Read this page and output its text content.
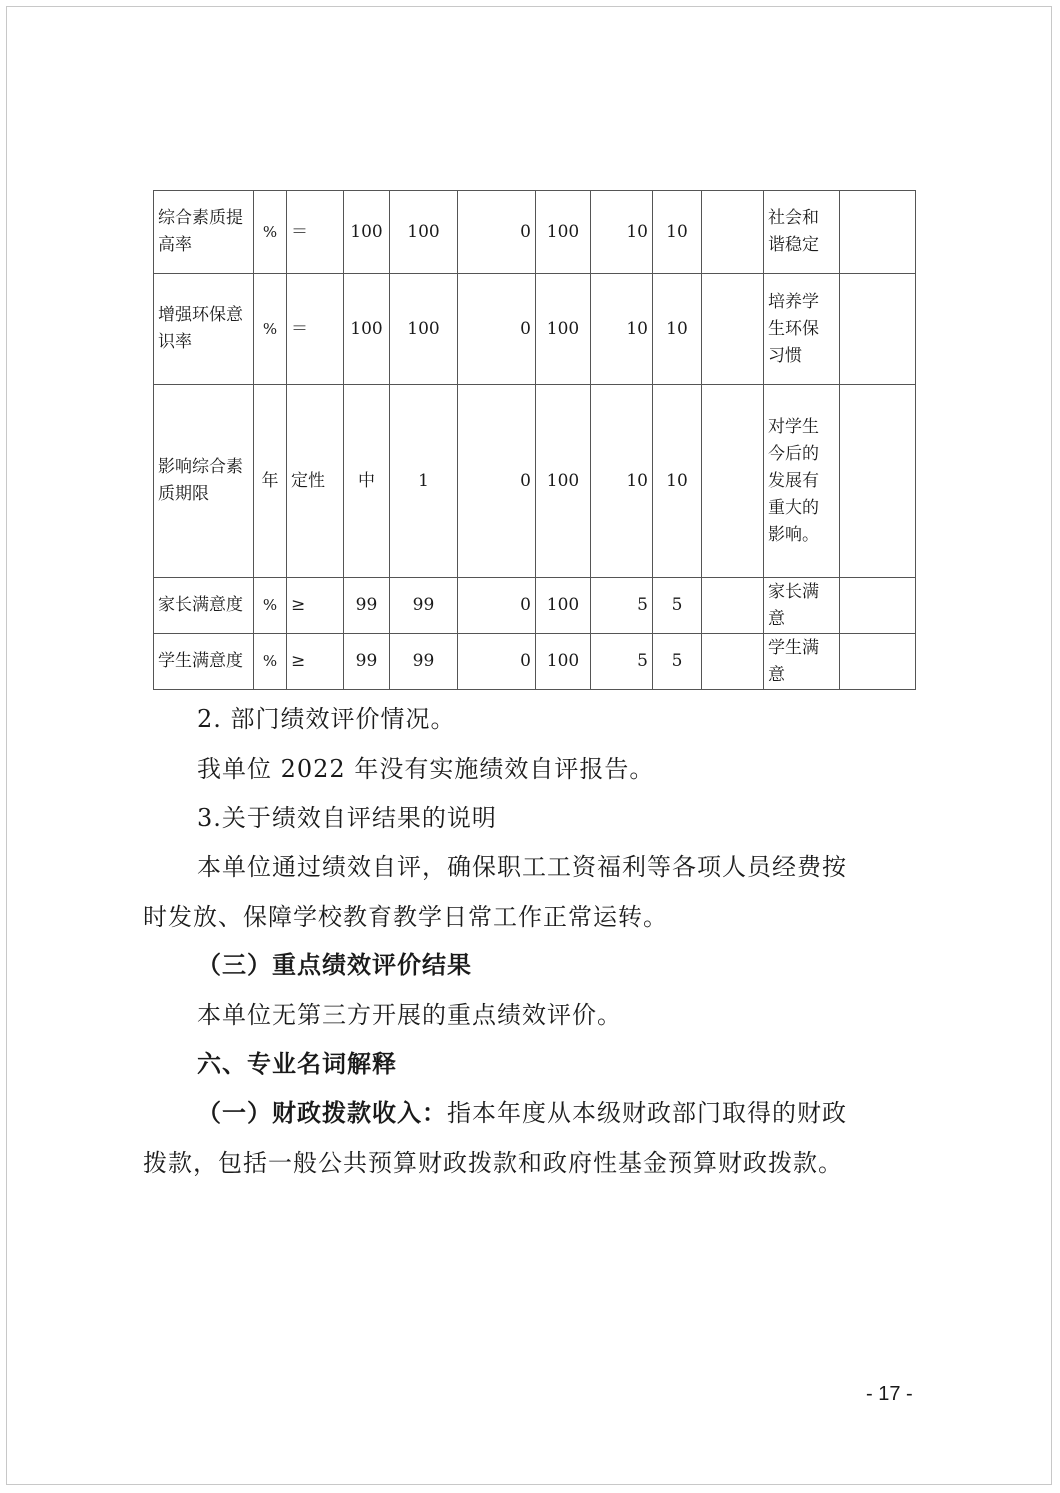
综合素质提高率	%	＝	100	100	0	100	10	10		社会和谐稳定	
增强环保意识率	%	＝	100	100	0	100	10	10		培养学生环保习惯	
影响综合素质期限	年	定性	中	1	0	100	10	10		对学生今后的发展有重大的影响。	
家长满意度	%	≥	99	99	0	100	5	5		家长满意	
学生满意度	%	≥	99	99	0	100	5	5		学生满意	
2. 部门绩效评价情况。
我单位 2022 年没有实施绩效自评报告。
3.关于绩效自评结果的说明
本单位通过绩效自评，确保职工工资福利等各项人员经费按
时发放、保障学校教育教学日常工作正常运转。
（三）重点绩效评价结果
本单位无第三方开展的重点绩效评价。
六、专业名词解释
（一）财政拨款收入：指本年度从本级财政部门取得的财政
拨款，包括一般公共预算财政拨款和政府性基金预算财政拨款。
- 17 -
